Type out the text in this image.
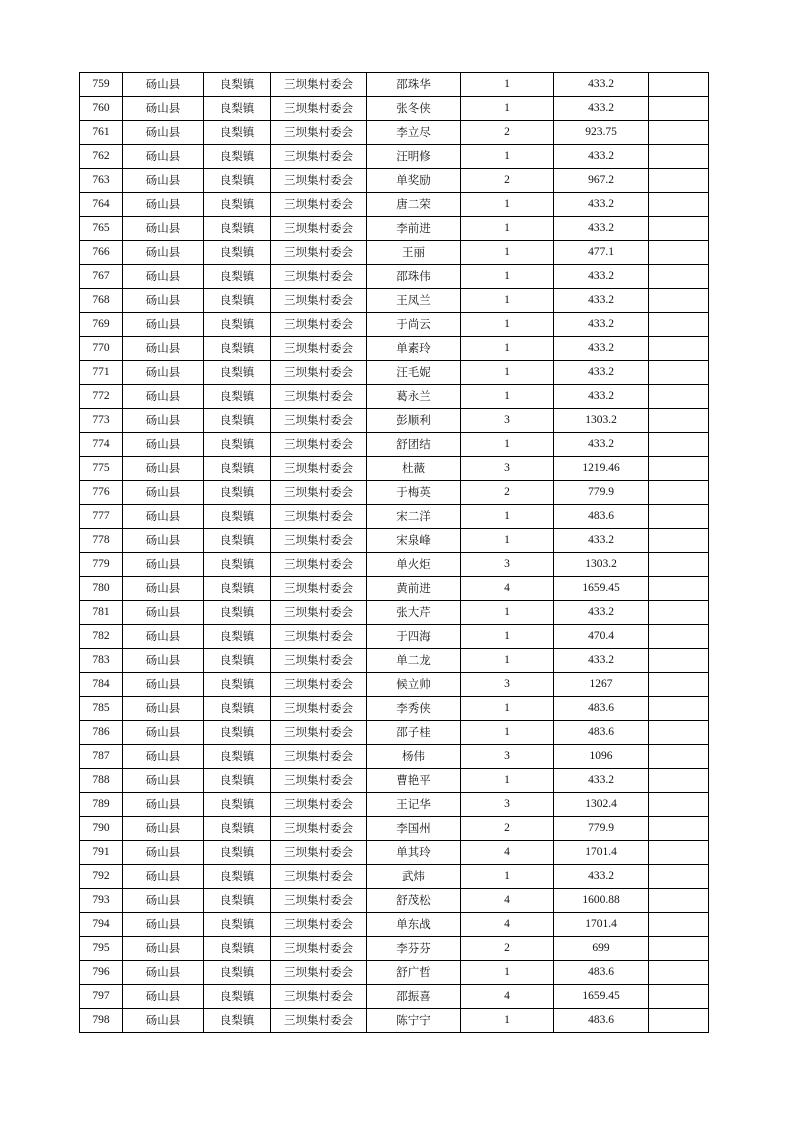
759	砀山县	良梨镇	三坝集村委会	邵珠华	1	433.2	
760	砀山县	良梨镇	三坝集村委会	张冬侠	1	433.2	
761	砀山县	良梨镇	三坝集村委会	李立尽	2	923.75	
762	砀山县	良梨镇	三坝集村委会	汪明修	1	433.2	
763	砀山县	良梨镇	三坝集村委会	单奖励	2	967.2	
764	砀山县	良梨镇	三坝集村委会	唐二荣	1	433.2	
765	砀山县	良梨镇	三坝集村委会	李前进	1	433.2	
766	砀山县	良梨镇	三坝集村委会	王丽	1	477.1	
767	砀山县	良梨镇	三坝集村委会	邵珠伟	1	433.2	
768	砀山县	良梨镇	三坝集村委会	王凤兰	1	433.2	
769	砀山县	良梨镇	三坝集村委会	于尚云	1	433.2	
770	砀山县	良梨镇	三坝集村委会	单素玲	1	433.2	
771	砀山县	良梨镇	三坝集村委会	汪毛妮	1	433.2	
772	砀山县	良梨镇	三坝集村委会	葛永兰	1	433.2	
773	砀山县	良梨镇	三坝集村委会	彭顺利	3	1303.2	
774	砀山县	良梨镇	三坝集村委会	舒团结	1	433.2	
775	砀山县	良梨镇	三坝集村委会	杜薇	3	1219.46	
776	砀山县	良梨镇	三坝集村委会	于梅英	2	779.9	
777	砀山县	良梨镇	三坝集村委会	宋二洋	1	483.6	
778	砀山县	良梨镇	三坝集村委会	宋泉峰	1	433.2	
779	砀山县	良梨镇	三坝集村委会	单火炬	3	1303.2	
780	砀山县	良梨镇	三坝集村委会	黄前进	4	1659.45	
781	砀山县	良梨镇	三坝集村委会	张大芹	1	433.2	
782	砀山县	良梨镇	三坝集村委会	于四海	1	470.4	
783	砀山县	良梨镇	三坝集村委会	单二龙	1	433.2	
784	砀山县	良梨镇	三坝集村委会	候立帅	3	1267	
785	砀山县	良梨镇	三坝集村委会	李秀侠	1	483.6	
786	砀山县	良梨镇	三坝集村委会	邵子桂	1	483.6	
787	砀山县	良梨镇	三坝集村委会	杨伟	3	1096	
788	砀山县	良梨镇	三坝集村委会	曹艳平	1	433.2	
789	砀山县	良梨镇	三坝集村委会	王记华	3	1302.4	
790	砀山县	良梨镇	三坝集村委会	李国州	2	779.9	
791	砀山县	良梨镇	三坝集村委会	单其玲	4	1701.4	
792	砀山县	良梨镇	三坝集村委会	武炜	1	433.2	
793	砀山县	良梨镇	三坝集村委会	舒茂松	4	1600.88	
794	砀山县	良梨镇	三坝集村委会	单东战	4	1701.4	
795	砀山县	良梨镇	三坝集村委会	李芬芬	2	699	
796	砀山县	良梨镇	三坝集村委会	舒广哲	1	483.6	
797	砀山县	良梨镇	三坝集村委会	邵振喜	4	1659.45	
798	砀山县	良梨镇	三坝集村委会	陈宁宁	1	483.6	
